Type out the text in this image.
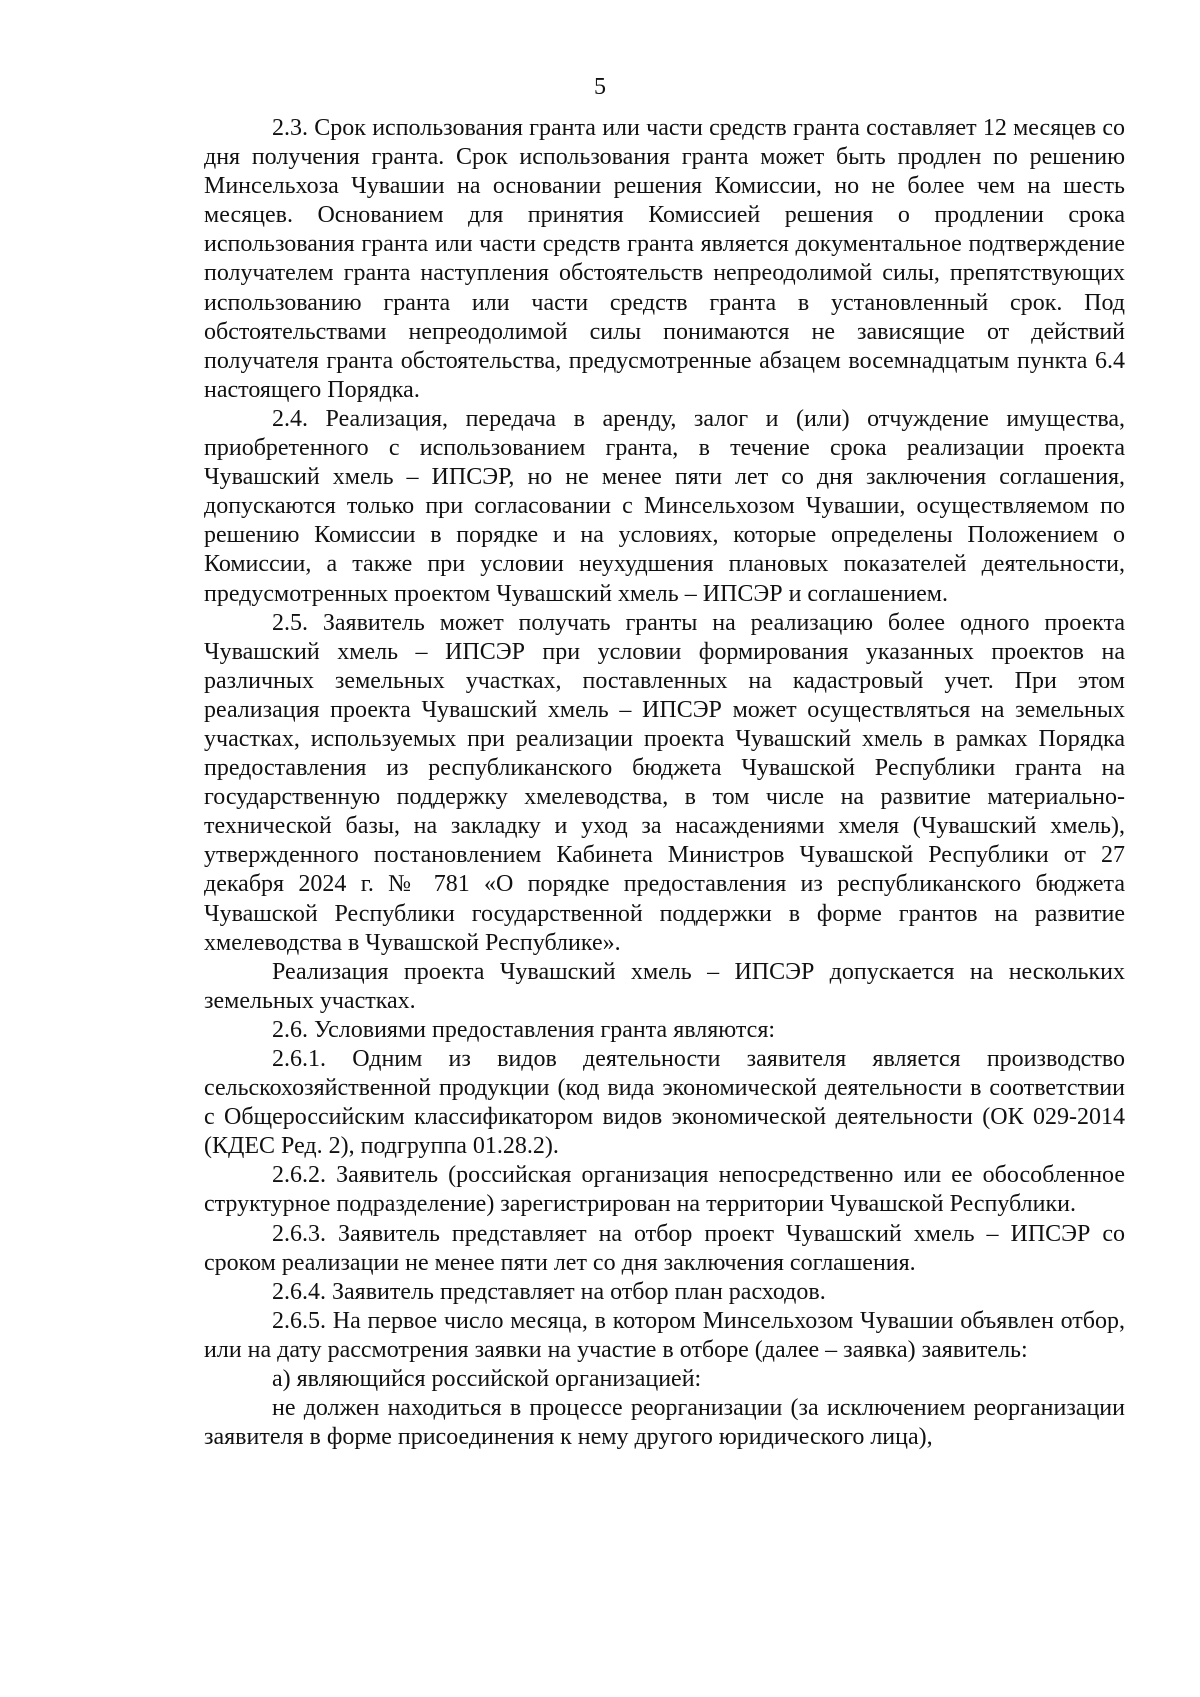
5

2.3. Срок использования гранта или части средств гранта составляет 12 месяцев со дня получения гранта. Срок использования гранта может быть продлен по решению Минсельхоза Чувашии на основании решения Комиссии, но не более чем на шесть месяцев. Основанием для принятия Комиссией решения о продлении срока использования гранта или части средств гранта является документальное подтверждение получателем гранта наступления обстоятельств непреодолимой силы, препятствующих использованию гранта или части средств гранта в установленный срок. Под обстоятельствами непреодолимой силы понимаются не зависящие от действий получателя гранта обстоятельства, предусмотренные абзацем восемнадцатым пункта 6.4 настоящего Порядка.

2.4. Реализация, передача в аренду, залог и (или) отчуждение имущества, приобретенного с использованием гранта, в течение срока реализации проекта Чувашский хмель – ИПСЭР, но не менее пяти лет со дня заключения соглашения, допускаются только при согласовании с Минсельхозом Чувашии, осуществляемом по решению Комиссии в порядке и на условиях, которые определены Положением о Комиссии, а также при условии неухудшения плановых показателей деятельности, предусмотренных проектом Чувашский хмель – ИПСЭР и соглашением.

2.5. Заявитель может получать гранты на реализацию более одного проекта Чувашский хмель – ИПСЭР при условии формирования указанных проектов на различных земельных участках, поставленных на кадастровый учет. При этом реализация проекта Чувашский хмель – ИПСЭР может осуществляться на земельных участках, используемых при реализации проекта Чувашский хмель в рамках Порядка предоставления из республиканского бюджета Чувашской Республики гранта на государственную поддержку хмелеводства, в том числе на развитие материально-технической базы, на закладку и уход за насаждениями хмеля (Чувашский хмель), утвержденного постановлением Кабинета Министров Чувашской Республики от 27 декабря 2024 г. № 781 «О порядке предоставления из республиканского бюджета Чувашской Республики государственной поддержки в форме грантов на развитие хмелеводства в Чувашской Республике».

Реализация проекта Чувашский хмель – ИПСЭР допускается на нескольких земельных участках.

2.6. Условиями предоставления гранта являются:

2.6.1. Одним из видов деятельности заявителя является производство сельскохозяйственной продукции (код вида экономической деятельности в соответствии с Общероссийским классификатором видов экономической деятельности (ОК 029-2014 (КДЕС Ред. 2), подгруппа 01.28.2).

2.6.2. Заявитель (российская организация непосредственно или ее обособленное структурное подразделение) зарегистрирован на территории Чувашской Республики.

2.6.3. Заявитель представляет на отбор проект Чувашский хмель – ИПСЭР со сроком реализации не менее пяти лет со дня заключения соглашения.

2.6.4. Заявитель представляет на отбор план расходов.

2.6.5. На первое число месяца, в котором Минсельхозом Чувашии объявлен отбор, или на дату рассмотрения заявки на участие в отборе (далее – заявка) заявитель:

а) являющийся российской организацией:

не должен находиться в процессе реорганизации (за исключением реорганизации заявителя в форме присоединения к нему другого юридического лица),
